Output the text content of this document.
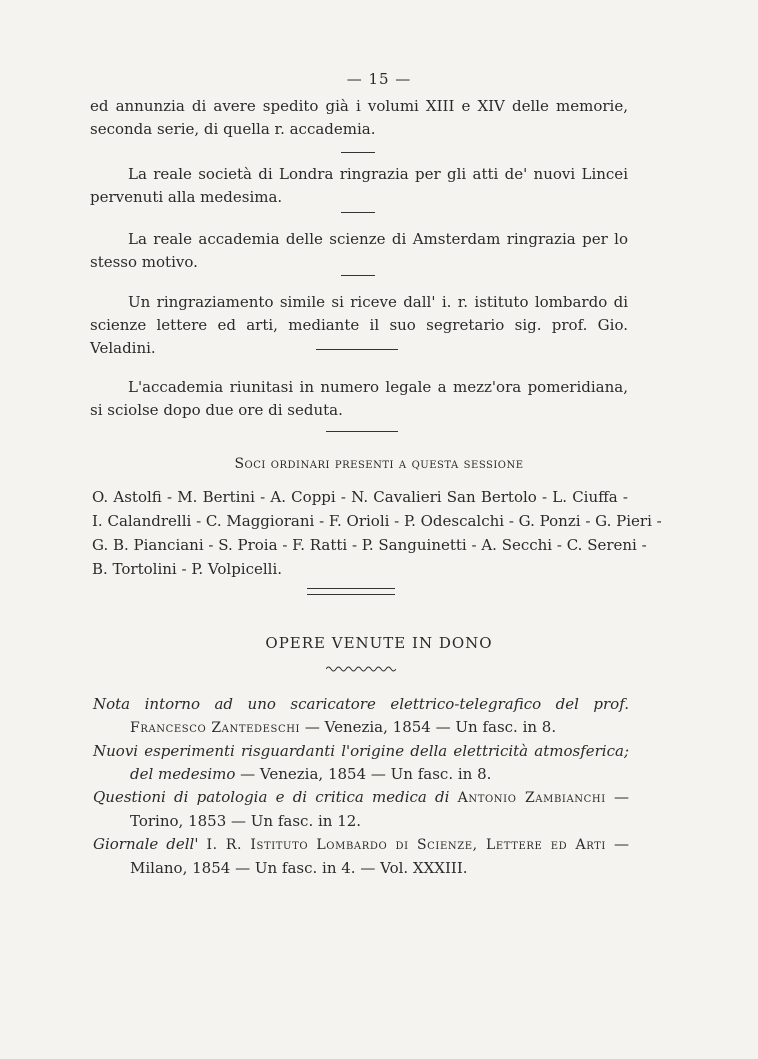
— 15 —
ed annunzia di avere spedito già i volumi XIII e XIV delle memorie, seconda serie, di quella r. accademia.
La reale società di Londra ringrazia per gli atti de' nuovi Lincei pervenuti alla medesima.
La reale accademia delle scienze di Amsterdam ringrazia per lo stesso motivo.
Un ringraziamento simile si riceve dall' i. r. istituto lombardo di scienze lettere ed arti, mediante il suo segretario sig. prof. Gio. Veladini.
L'accademia riunitasi in numero legale a mezz'ora pomeridiana, si sciolse dopo due ore di seduta.
Soci ordinari presenti a questa sessione
O. Astolfi - M. Bertini - A. Coppi - N. Cavalieri San Bertolo - L. Ciuffa -
I. Calandrelli - C. Maggiorani - F. Orioli - P. Odescalchi - G. Ponzi - G. Pieri -
G. B. Pianciani - S. Proia - F. Ratti - P. Sanguinetti - A. Secchi - C. Sereni -
B. Tortolini - P. Volpicelli.
OPERE VENUTE IN DONO

Nota intorno ad uno scaricatore elettrico-telegrafico del prof. Francesco Zantedeschi — Venezia, 1854 — Un fasc. in 8.

Nuovi esperimenti risguardanti l'origine della elettricità atmosferica; del medesimo — Venezia, 1854 — Un fasc. in 8.

Questioni di patologia e di critica medica di Antonio Zambianchi — Torino, 1853 — Un fasc. in 12.

Giornale dell' I. R. Istituto Lombardo di Scienze, Lettere ed Arti — Milano, 1854 — Un fasc. in 4. — Vol. XXXIII.
